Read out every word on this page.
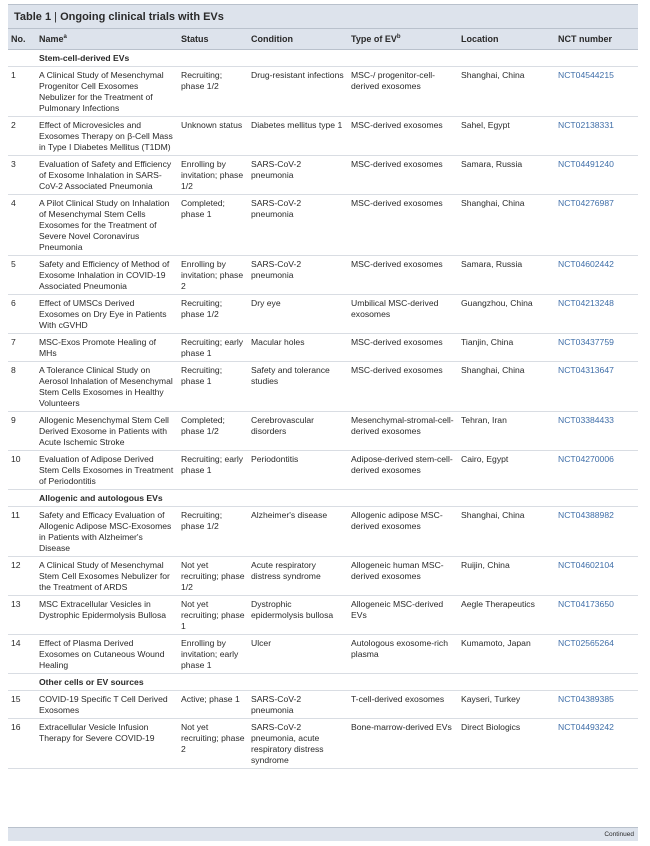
Table 1 | Ongoing clinical trials with EVs
No.	Name$^a$	Status	Condition	Type of $EV^b$	Location	NCT number
	Stem-cell-derived EVs					
1	A Clinical Study of Mesenchymal Progenitor Cell Exosomes Nebulizer for the Treatment of Pulmonary Infections	Recruiting; phase 1/2	Drug-resistant infections	MSC-/ progenitor-cell-derived exosomes	Shanghai, China	NCT04544215
2	Effect of Microvesicles and Exosomes Therapy on β-Cell Mass in Type I Diabetes Mellitus (T1DM)	Unknown status	Diabetes mellitus type 1	MSC-derived exosomes	Sahel, Egypt	NCT02138331
3	Evaluation of Safety and Efficiency of Exosome Inhalation in SARS-CoV-2 Associated Pneumonia	Enrolling by invitation; phase 1/2	SARS-CoV-2 pneumonia	MSC-derived exosomes	Samara, Russia	NCT04491240
4	A Pilot Clinical Study on Inhalation of Mesenchymal Stem Cells Exosomes for the Treatment of Severe Novel Coronavirus Pneumonia	Completed; phase 1	SARS-CoV-2 pneumonia	MSC-derived exosomes	Shanghai, China	NCT04276987
5	Safety and Efficiency of Method of Exosome Inhalation in COVID-19 Associated Pneumonia	Enrolling by invitation; phase 2	SARS-CoV-2 pneumonia	MSC-derived exosomes	Samara, Russia	NCT04602442
6	Effect of UMSCs Derived Exosomes on Dry Eye in Patients With cGVHD	Recruiting; phase 1/2	Dry eye	Umbilical MSC-derived exosomes	Guangzhou, China	NCT04213248
7	MSC-Exos Promote Healing of MHs	Recruiting; early phase 1	Macular holes	MSC-derived exosomes	Tianjin, China	NCT03437759
8	A Tolerance Clinical Study on Aerosol Inhalation of Mesenchymal Stem Cells Exosomes in Healthy Volunteers	Recruiting; phase 1	Safety and tolerance studies	MSC-derived exosomes	Shanghai, China	NCT04313647
9	Allogenic Mesenchymal Stem Cell Derived Exosome in Patients with Acute Ischemic Stroke	Completed; phase 1/2	Cerebrovascular disorders	Mesenchymal-stromal-cell-derived exosomes	Tehran, Iran	NCT03384433
10	Evaluation of Adipose Derived Stem Cells Exosomes in Treatment of Periodontitis	Recruiting; early phase 1	Periodontitis	Adipose-derived stem-cell-derived exosomes	Cairo, Egypt	NCT04270006
	Allogenic and autologous EVs					
11	Safety and Efficacy Evaluation of Allogenic Adipose MSC-Exosomes in Patients with Alzheimer's Disease	Recruiting; phase 1/2	Alzheimer's disease	Allogenic adipose MSC-derived exosomes	Shanghai, China	NCT04388982
12	A Clinical Study of Mesenchymal Stem Cell Exosomes Nebulizer for the Treatment of ARDS	Not yet recruiting; phase 1/2	Acute respiratory distress syndrome	Allogeneic human MSC-derived exosomes	Ruijin, China	NCT04602104
13	MSC Extracellular Vesicles in Dystrophic Epidermolysis Bullosa	Not yet recruiting; phase 1	Dystrophic epidermolysis bullosa	Allogeneic MSC-derived EVs	Aegle Therapeutics	NCT04173650
14	Effect of Plasma Derived Exosomes on Cutaneous Wound Healing	Enrolling by invitation; early phase 1	Ulcer	Autologous exosome-rich plasma	Kumamoto, Japan	NCT02565264
	Other cells or EV sources					
15	COVID-19 Specific T Cell Derived Exosomes	Active; phase 1	SARS-CoV-2 pneumonia	T-cell-derived exosomes	Kayseri, Turkey	NCT04389385
16	Extracellular Vesicle Infusion Therapy for Severe COVID-19	Not yet recruiting; phase 2	SARS-CoV-2 pneumonia, acute respiratory distress syndrome	Bone-marrow-derived EVs	Direct Biologics	NCT04493242
Continued
